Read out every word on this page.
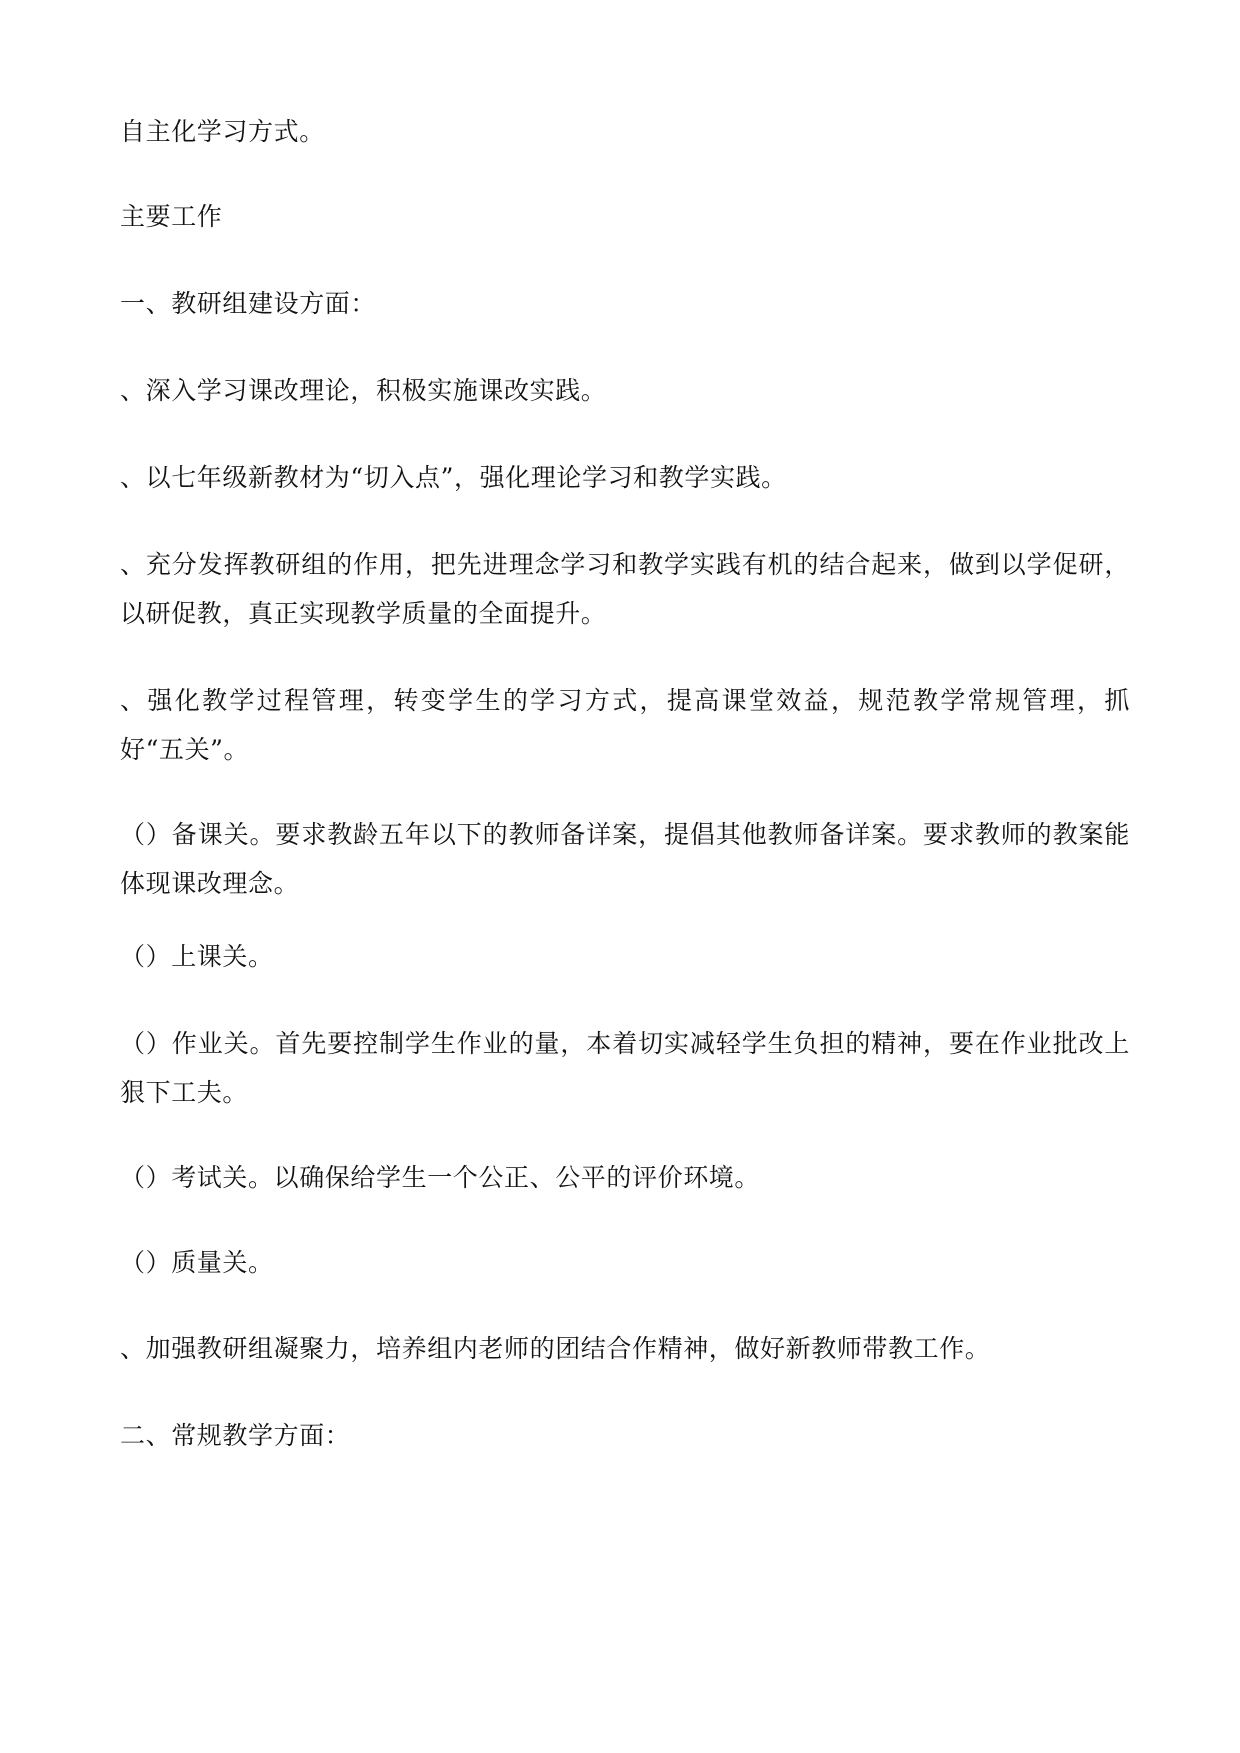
自主化学习方式。

主要工作

一、教研组建设方面：

、深入学习课改理论，积极实施课改实践。

、以七年级新教材为“切入点”，强化理论学习和教学实践。

、充分发挥教研组的作用，把先进理念学习和教学实践有机的结合起来，做到以学促研，以研促教，真正实现教学质量的全面提升。

、强化教学过程管理，转变学生的学习方式，提高课堂效益，规范教学常规管理，抓好“五关”。

（）备课关。要求教龄五年以下的教师备详案，提倡其他教师备详案。要求教师的教案能体现课改理念。

（）上课关。

（）作业关。首先要控制学生作业的量，本着切实减轻学生负担的精神，要在作业批改上狠下工夫。

（）考试关。以确保给学生一个公正、公平的评价环境。

（）质量关。

、加强教研组凝聚力，培养组内老师的团结合作精神，做好新教师带教工作。

二、常规教学方面：
